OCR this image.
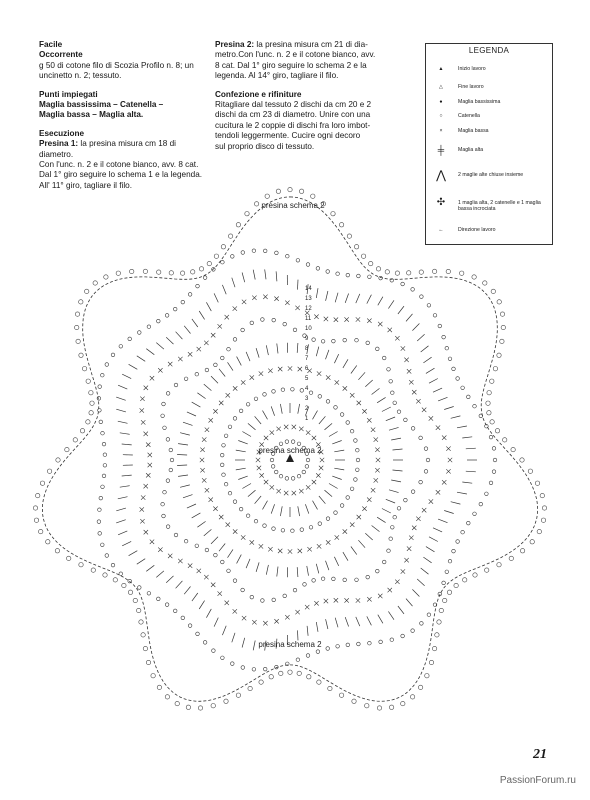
Facile

Occorrente

g 50 di cotone filo di Scozia Profilo n. 8; un

uncinetto n. 2; tessuto.

Punti impiegati

Maglia bassissima – Catenella –

Maglia bassa – Maglia alta.

Esecuzione

Presina 1: la presina misura cm 18 di

diametro.

Con l'unc. n. 2 e il cotone bianco, avv. 8 cat.

Dal 1° giro seguire lo schema 1 e la legenda.

All' 11° giro, tagliare il filo.

Presina 2: la presina misura cm 21 di dia-

metro.Con l'unc. n. 2 e il cotone bianco, avv.

8 cat. Dal 1° giro seguire lo schema 2 e la

legenda. Al 14° giro, tagliare il filo.

Confezione e rifiniture

Ritagliare dal tessuto 2 dischi da cm 20 e 2

dischi da cm 23 di diametro. Unire con una

cucitura le 2 coppie di dischi fra loro imbot-

tendoli leggermente. Cucire ogni decoro

sul proprio disco di tessuto.

LEGENDA
▲	Inizio lavoro
△	Fine lavoro
●	Maglia bassissima
○	Catenella
×	Maglia bassa
╪	Maglia alta
⋀	2 maglie alte chiuse insieme
✣	1 maglia alta, 2 catenelle e 1 maglia bassa incrociata
←	Direzione lavoro
presina schema 2
presina schema 2
presina schema 2
1
2
3
4
5
6
7
8
9
10
11
12
13
14
21
PassionForum.ru
